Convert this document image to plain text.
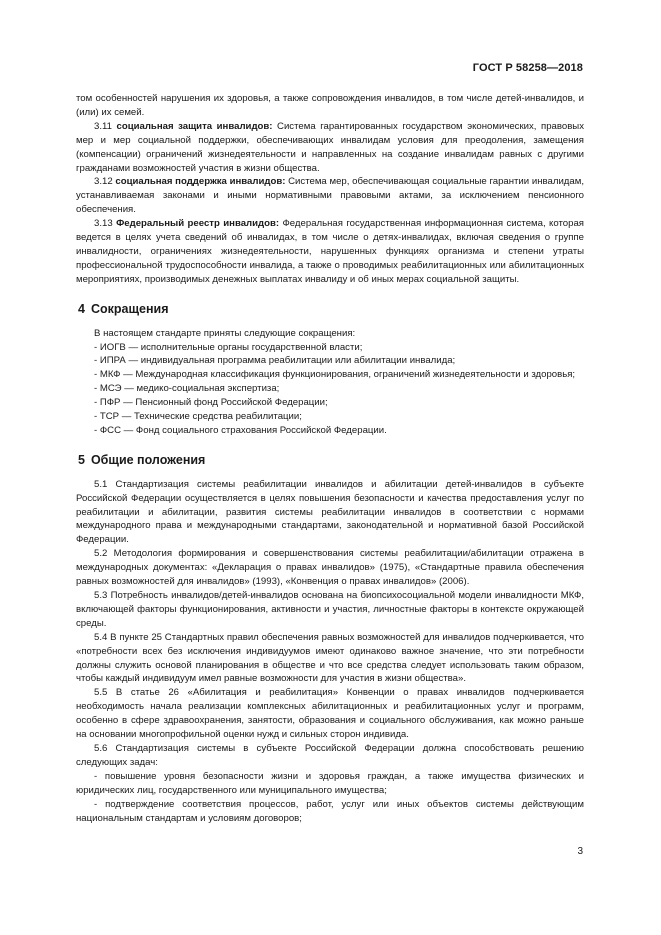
ГОСТ Р 58258—2018

том особенностей нарушения их здоровья, а также сопровождения инвалидов, в том числе детей-инвалидов, и (или) их семей.

3.11 социальная защита инвалидов: Система гарантированных государством экономических, правовых мер и мер социальной поддержки, обеспечивающих инвалидам условия для преодоления, замещения (компенсации) ограничений жизнедеятельности и направленных на создание инвалидам равных с другими гражданами возможностей участия в жизни общества.

3.12 социальная поддержка инвалидов: Система мер, обеспечивающая социальные гарантии инвалидам, устанавливаемая законами и иными нормативными правовыми актами, за исключением пенсионного обеспечения.

3.13 Федеральный реестр инвалидов: Федеральная государственная информационная система, которая ведется в целях учета сведений об инвалидах, в том числе о детях-инвалидах, включая сведения о группе инвалидности, ограничениях жизнедеятельности, нарушенных функциях организма и степени утраты профессиональной трудоспособности инвалида, а также о проводимых реабилитационных или абилитационных мероприятиях, производимых денежных выплатах инвалиду и об иных мерах социальной защиты.

4 Сокращения

В настоящем стандарте приняты следующие сокращения:

- ИОГВ — исполнительные органы государственной власти;

- ИПРА — индивидуальная программа реабилитации или абилитации инвалида;

- МКФ — Международная классификация функционирования, ограничений жизнедеятельности и здоровья;

- МСЭ — медико-социальная экспертиза;

- ПФР — Пенсионный фонд Российской Федерации;

- ТСР — Технические средства реабилитации;

- ФСС — Фонд социального страхования Российской Федерации.

5 Общие положения

5.1 Стандартизация системы реабилитации инвалидов и абилитации детей-инвалидов в субъекте Российской Федерации осуществляется в целях повышения безопасности и качества предоставления услуг по реабилитации и абилитации, развития системы реабилитации инвалидов в соответствии с нормами международного права и международными стандартами, законодательной и нормативной базой Российской Федерации.

5.2 Методология формирования и совершенствования системы реабилитации/абилитации отражена в международных документах: «Декларация о правах инвалидов» (1975), «Стандартные правила обеспечения равных возможностей для инвалидов» (1993), «Конвенция о правах инвалидов» (2006).

5.3 Потребность инвалидов/детей-инвалидов основана на биопсихосоциальной модели инвалидности МКФ, включающей факторы функционирования, активности и участия, личностные факторы в контексте окружающей среды.

5.4 В пункте 25 Стандартных правил обеспечения равных возможностей для инвалидов подчеркивается, что «потребности всех без исключения индивидуумов имеют одинаково важное значение, что эти потребности должны служить основой планирования в обществе и что все средства следует использовать таким образом, чтобы каждый индивидуум имел равные возможности для участия в жизни общества».

5.5 В статье 26 «Абилитация и реабилитация» Конвенции о правах инвалидов подчеркивается необходимость начала реализации комплексных абилитационных и реабилитационных услуг и программ, особенно в сфере здравоохранения, занятости, образования и социального обслуживания, как можно раньше на основании многопрофильной оценки нужд и сильных сторон индивида.

5.6 Стандартизация системы в субъекте Российской Федерации должна способствовать решению следующих задач:

- повышение уровня безопасности жизни и здоровья граждан, а также имущества физических и юридических лиц, государственного или муниципального имущества;

- подтверждение соответствия процессов, работ, услуг или иных объектов системы действующим национальным стандартам и условиям договоров;

3
